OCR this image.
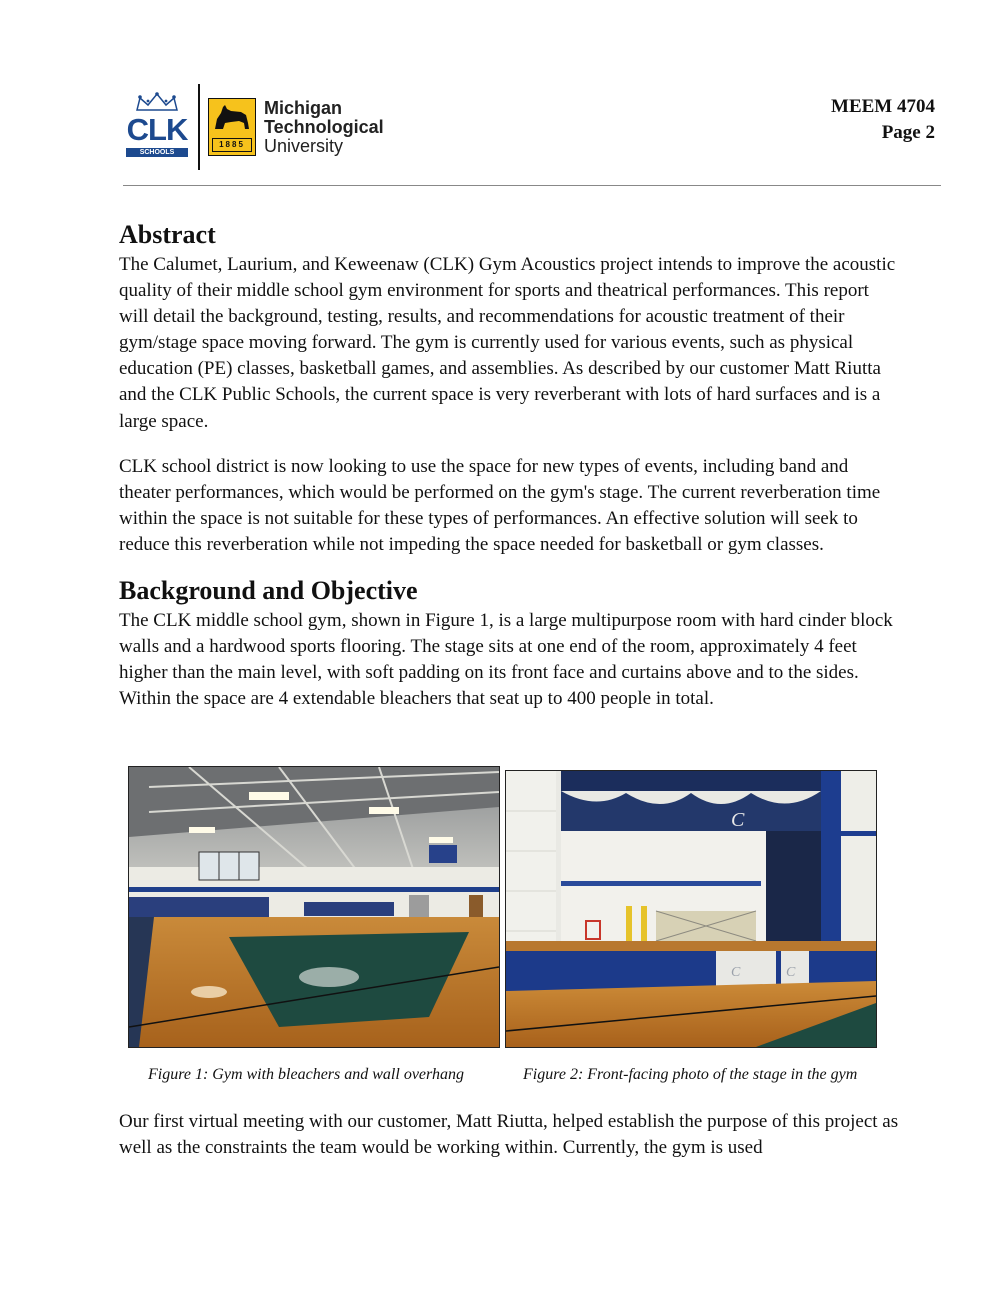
CLK
SCHOOLS
1885
Michigan
Technological
University
MEEM 4704
Page 2
Abstract

The Calumet, Laurium, and Keweenaw (CLK) Gym Acoustics project intends to improve the acoustic quality of their middle school gym environment for sports and theatrical performances. This report will detail the background, testing, results, and recommendations for acoustic treatment of their gym/stage space moving forward. The gym is currently used for various events, such as physical education (PE) classes, basketball games, and assemblies. As described by our customer Matt Riutta and the CLK Public Schools, the current space is very reverberant with lots of hard surfaces and is a large space.

CLK school district is now looking to use the space for new types of events, including band and theater performances, which would be performed on the gym's stage. The current reverberation time within the space is not suitable for these types of performances. An effective solution will seek to reduce this reverberation while not impeding the space needed for basketball or gym classes.

Background and Objective

The CLK middle school gym, shown in Figure 1, is a large multipurpose room with hard cinder block walls and a hardwood sports flooring. The stage sits at one end of the room, approximately 4 feet higher than the main level, with soft padding on its front face and curtains above and to the sides. Within the space are 4 extendable bleachers that seat up to 400 people in total.

C
C	C
Figure 1: Gym with bleachers and wall overhang	Figure 2: Front-facing photo of the stage in the gym

Our first virtual meeting with our customer, Matt Riutta, helped establish the purpose of this project as well as the constraints the team would be working within. Currently, the gym is used
